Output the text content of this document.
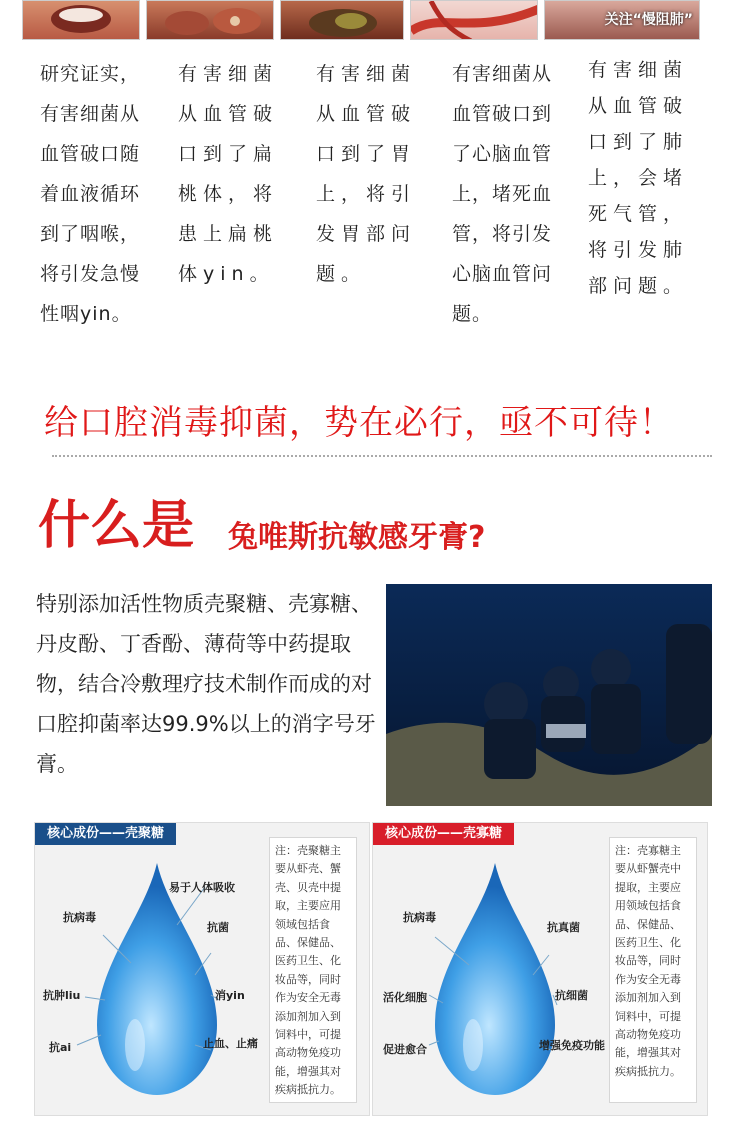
关注“慢阻肺”
研究证实，有害细菌从血管破口随着血液循环到了咽喉，将引发急慢性咽yin。
有害细菌从血管破口到了扁桃体，将患上扁桃体yin。
有害细菌从血管破口到了胃上，将引发胃部问题。
有害细菌从血管破口到了心脑血管上，堵死血管，将引发心脑血管问题。
有害细菌从血管破口到了肺上，会堵死气管，将引发肺部问题。
给口腔消毒抑菌，势在必行，亟不可待！
什么是 兔唯斯抗敏感牙膏?
特别添加活性物质壳聚糖、壳寡糖、丹皮酚、丁香酚、薄荷等中药提取物，结合冷敷理疗技术制作而成的对口腔抑菌率达99.9%以上的消字号牙膏。
核心成份——壳聚糖
易于人体吸收
抗病毒
抗菌
抗肿liu	消yin
抗ai	止血、止痛
注：壳聚糖主要从虾壳、蟹壳、贝壳中提取，主要应用领域包括食品、保健品、医药卫生、化妆品等，同时作为安全无毒添加剂加入到饲料中，可提高动物免疫功能，增强其对疾病抵抗力。
核心成份——壳寡糖
抗病毒
抗真菌
活化细胞	抗细菌
促进愈合	增强免疫功能
注：壳寡糖主要从虾蟹壳中提取，主要应用领域包括食品、保健品、医药卫生、化妆品等，同时作为安全无毒添加剂加入到饲料中，可提高动物免疫功能，增强其对疾病抵抗力。
